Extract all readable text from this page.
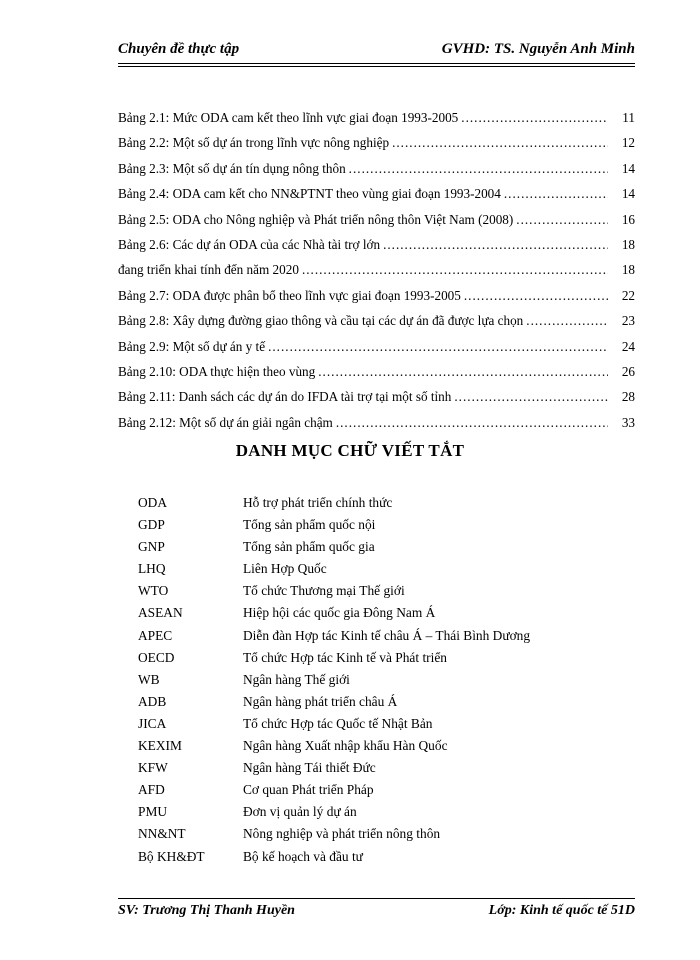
Chuyên đề thực tập	GVHD: TS. Nguyễn Anh Minh
Bảng 2.1: Mức ODA cam kết theo lĩnh vực giai đoạn 1993-2005 .....	11
Bảng 2.2: Một số dự án trong lĩnh vực nông nghiệp .....	12
Bảng 2.3: Một số dự án tín dụng nông thôn .....	14
Bảng 2.4: ODA cam kết cho NN&PTNT theo vùng giai đoạn 1993-2004 .....	14
Bảng 2.5: ODA cho Nông nghiệp và Phát triển nông thôn Việt Nam (2008) .....	16
Bảng 2.6: Các dự án ODA của các Nhà tài trợ lớn .....	18
đang triển khai tính đến năm 2020 .....	18
Bảng 2.7: ODA được phân bổ theo lĩnh vực giai đoạn 1993-2005 .....	22
Bảng 2.8: Xây dựng đường giao thông và cầu tại các dự án đã được lựa chọn .....	23
Bảng 2.9: Một số dự án y tế .....	24
Bảng 2.10: ODA thực hiện theo vùng .....	26
Bảng 2.11: Danh sách các dự án do IFDA tài trợ tại một số tỉnh .....	28
Bảng 2.12: Một số dự án giải ngân chậm .....	33
DANH MỤC CHỮ VIẾT TẮT
ODA	Hỗ trợ phát triển chính thức
GDP	Tổng sản phẩm quốc nội
GNP	Tổng sản phẩm quốc gia
LHQ	Liên Hợp Quốc
WTO	Tổ chức Thương mại Thế giới
ASEAN	Hiệp hội các quốc gia Đông Nam Á
APEC	Diễn đàn Hợp tác Kinh tế châu Á – Thái Bình Dương
OECD	Tổ chức Hợp tác Kinh tế và Phát triển
WB	Ngân hàng Thế giới
ADB	Ngân hàng phát triển châu Á
JICA	Tổ chức Hợp tác Quốc tế Nhật Bản
KEXIM	Ngân hàng Xuất nhập khẩu Hàn Quốc
KFW	Ngân hàng Tái thiết Đức
AFD	Cơ quan Phát triển Pháp
PMU	Đơn vị quản lý dự án
NN&NT	Nông nghiệp và phát triển nông thôn
Bộ KH&ĐT	Bộ kế hoạch và đầu tư
SV: Trương Thị Thanh Huyền	Lớp: Kinh tế quốc tế 51D
